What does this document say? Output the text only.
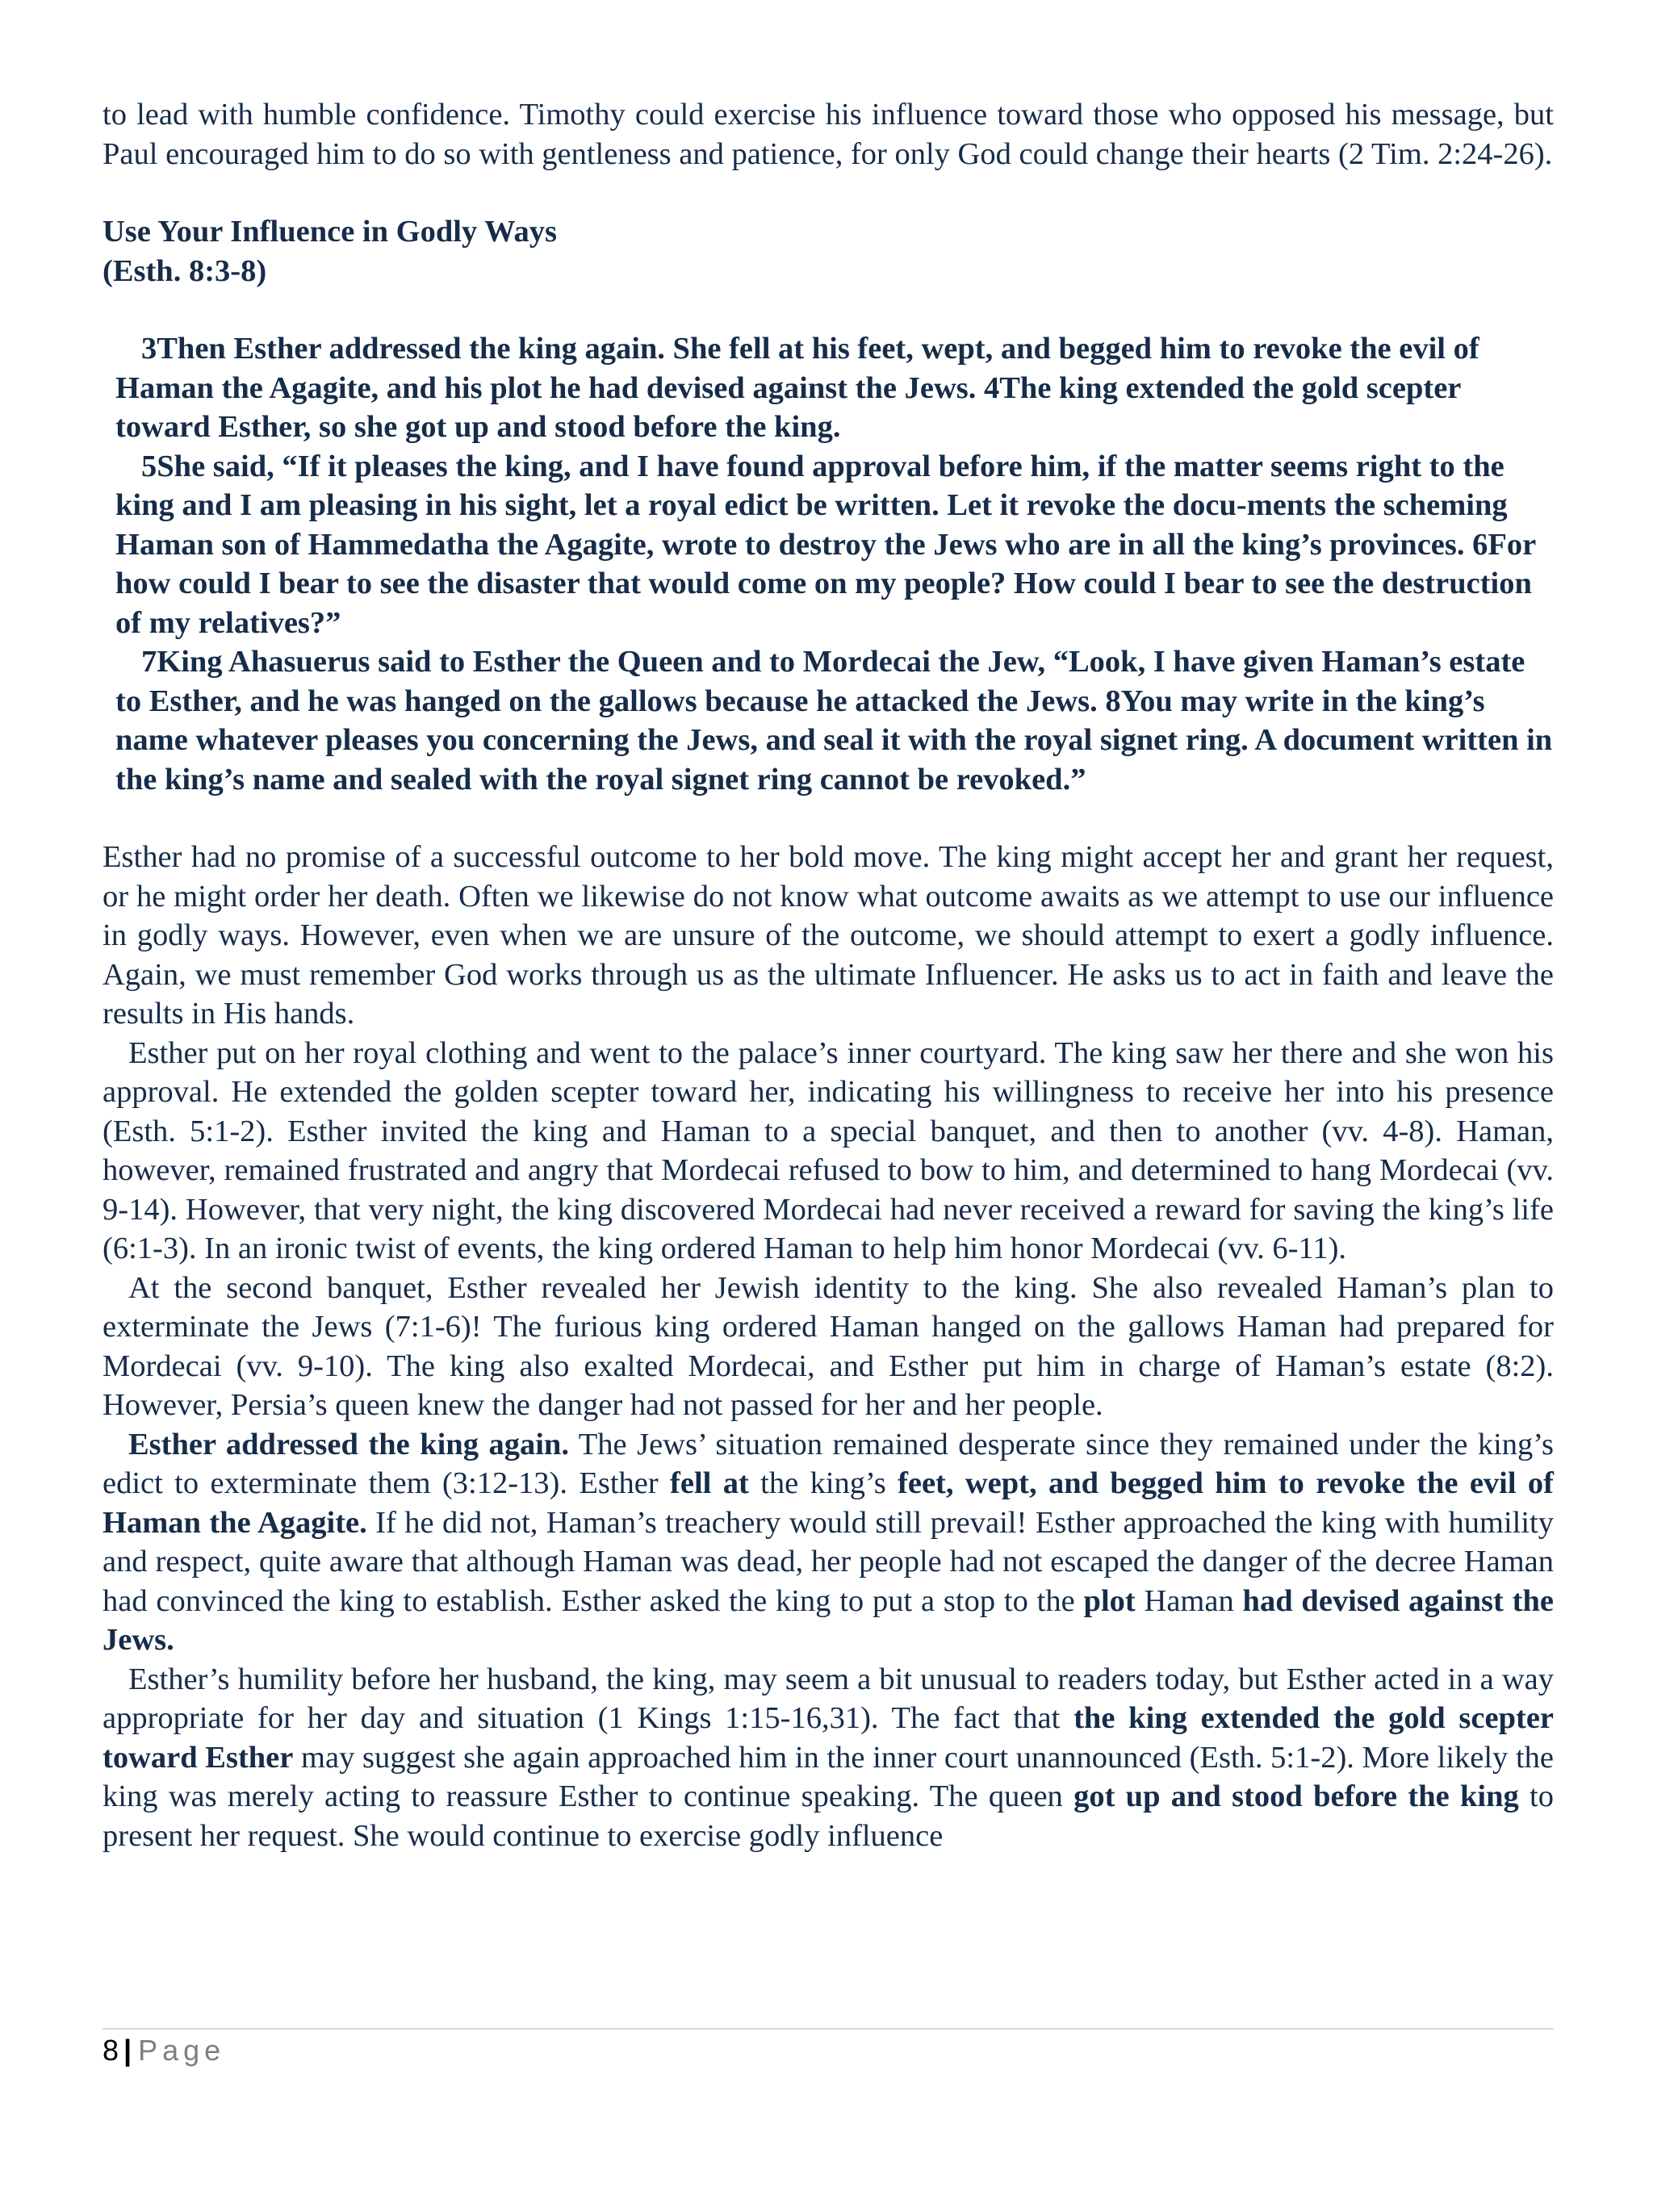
to lead with humble confidence. Timothy could exercise his influence toward those who opposed his message, but Paul encouraged him to do so with gentleness and patience, for only God could change their hearts (2 Tim. 2:24-26).

Use Your Influence in Godly Ways

(Esth. 8:3-8)

3Then Esther addressed the king again. She fell at his feet, wept, and begged him to revoke the evil of Haman the Agagite, and his plot he had devised against the Jews. 4The king extended the gold scepter toward Esther, so she got up and stood before the king.

5She said, “If it pleases the king, and I have found approval before him, if the matter seems right to the king and I am pleasing in his sight, let a royal edict be written. Let it revoke the docu-ments the scheming Haman son of Hammedatha the Agagite, wrote to destroy the Jews who are in all the king’s provinces. 6For how could I bear to see the disaster that would come on my people? How could I bear to see the destruction of my relatives?”

7King Ahasuerus said to Esther the Queen and to Mordecai the Jew, “Look, I have given Haman’s estate to Esther, and he was hanged on the gallows because he attacked the Jews. 8You may write in the king’s name whatever pleases you concerning the Jews, and seal it with the royal signet ring. A document written in the king’s name and sealed with the royal signet ring cannot be revoked.”

Esther had no promise of a successful outcome to her bold move. The king might accept her and grant her request, or he might order her death. Often we likewise do not know what outcome awaits as we attempt to use our influence in godly ways. However, even when we are unsure of the outcome, we should attempt to exert a godly influence. Again, we must remember God works through us as the ultimate Influencer. He asks us to act in faith and leave the results in His hands.

Esther put on her royal clothing and went to the palace’s inner courtyard. The king saw her there and she won his approval. He extended the golden scepter toward her, indicating his willingness to receive her into his presence (Esth. 5:1-2). Esther invited the king and Haman to a special banquet, and then to another (vv. 4-8). Haman, however, remained frustrated and angry that Mordecai refused to bow to him, and determined to hang Mordecai (vv. 9-14). However, that very night, the king discovered Mordecai had never received a reward for saving the king’s life (6:1-3). In an ironic twist of events, the king ordered Haman to help him honor Mordecai (vv. 6-11).

At the second banquet, Esther revealed her Jewish identity to the king. She also revealed Haman’s plan to exterminate the Jews (7:1-6)! The furious king ordered Haman hanged on the gallows Haman had prepared for Mordecai (vv. 9-10). The king also exalted Mordecai, and Esther put him in charge of Haman’s estate (8:2). However, Persia’s queen knew the danger had not passed for her and her people.

Esther addressed the king again. The Jews’ situation remained desperate since they remained under the king’s edict to exterminate them (3:12-13). Esther fell at the king’s feet, wept, and begged him to revoke the evil of Haman the Agagite. If he did not, Haman’s treachery would still prevail! Esther approached the king with humility and respect, quite aware that although Haman was dead, her people had not escaped the danger of the decree Haman had convinced the king to establish. Esther asked the king to put a stop to the plot Haman had devised against the Jews.

Esther’s humility before her husband, the king, may seem a bit unusual to readers today, but Esther acted in a way appropriate for her day and situation (1 Kings 1:15-16,31). The fact that the king extended the gold scepter toward Esther may suggest she again approached him in the inner court unannounced (Esth. 5:1-2). More likely the king was merely acting to reassure Esther to continue speaking. The queen got up and stood before the king to present her request. She would continue to exercise godly influence

8 | Page
